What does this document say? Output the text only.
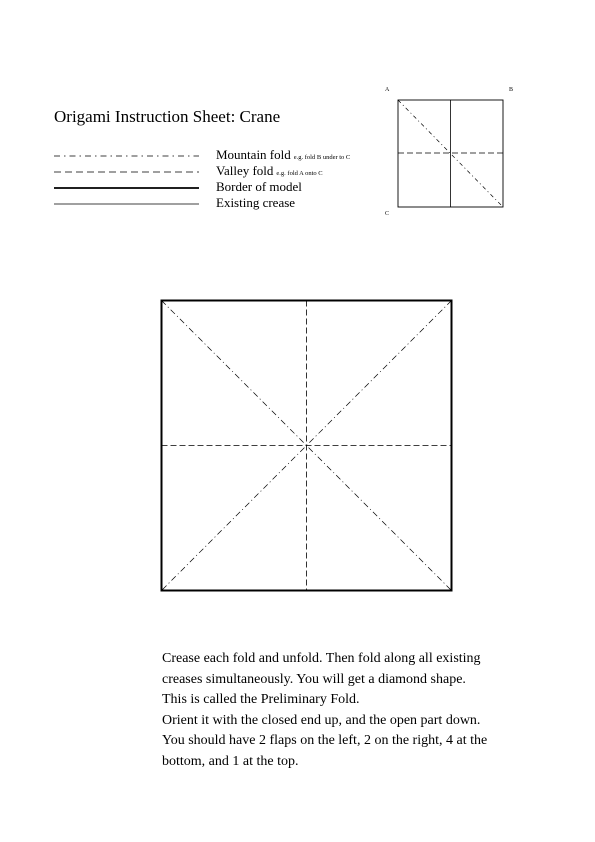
Origami Instruction Sheet: Crane
Mountain fold e.g. fold B under to C
Valley fold e.g. fold A onto C
Border of model
Existing crease
A	B
C
Crease each fold and unfold. Then fold along all existing
creases simultaneously. You will get a diamond shape.
This is called the Preliminary Fold.
Orient it with the closed end up, and the open part down.
You should have 2 flaps on the left, 2 on the right, 4 at the
bottom, and 1 at the top.
